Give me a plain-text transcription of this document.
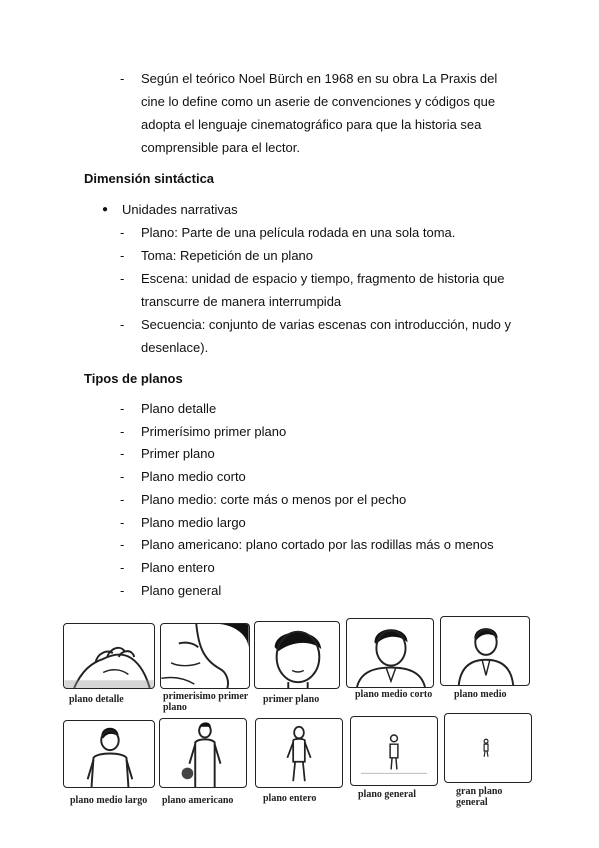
- Según el teórico Noel Bürch en 1968 en su obra La Praxis del
cine lo define como un aserie de convenciones y códigos que
adopta el lenguaje cinematográfico para que la historia sea
comprensible para el lector.
Dimensión sintáctica
● Unidades narrativas
- Plano: Parte de una película rodada en una sola toma.
- Toma: Repetición de un plano
- Escena: unidad de espacio y tiempo, fragmento de historia que
transcurre de manera interrumpida
- Secuencia: conjunto de varias escenas con introducción, nudo y
desenlace).
Tipos de planos
- Plano detalle
- Primerísimo primer plano
- Primer plano
- Plano medio corto
- Plano medio: corte más o menos por el pecho
- Plano medio largo
- Plano americano: plano cortado por las rodillas más o menos
- Plano entero
- Plano general
plano detalle	primerisimo primer plano
primer plano	plano medio corto plano medio
plano medio largo plano americano	plano entero	plano general	gran plano general
